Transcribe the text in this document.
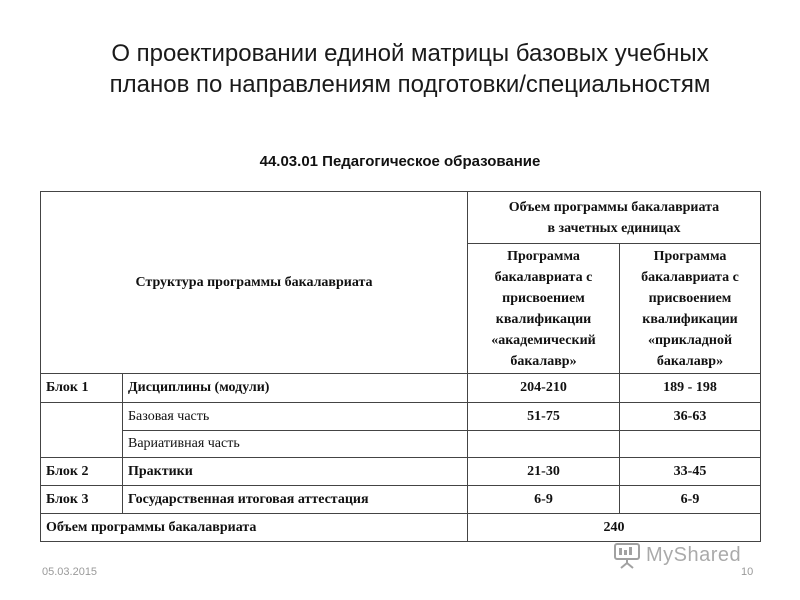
О проектировании единой матрицы базовых учебных
планов по направлениям подготовки/специальностям
44.03.01 Педагогическое образование
Структура программы бакалавриата		Объем программы бакалавриата в зачетных единицах	
		Программа бакалавриата с присвоением квалификации «академический бакалавр»	Программа бакалавриата с присвоением квалификации «прикладной бакалавр»
Блок 1	Дисциплины (модули)	204-210	189 - 198
	Базовая часть	51-75	36-63
	Вариативная часть		
Блок 2	Практики	21-30	33-45
Блок 3	Государственная итоговая аттестация	6-9	6-9
Объем программы бакалавриата		240	
MyShared
05.03.2015	10
